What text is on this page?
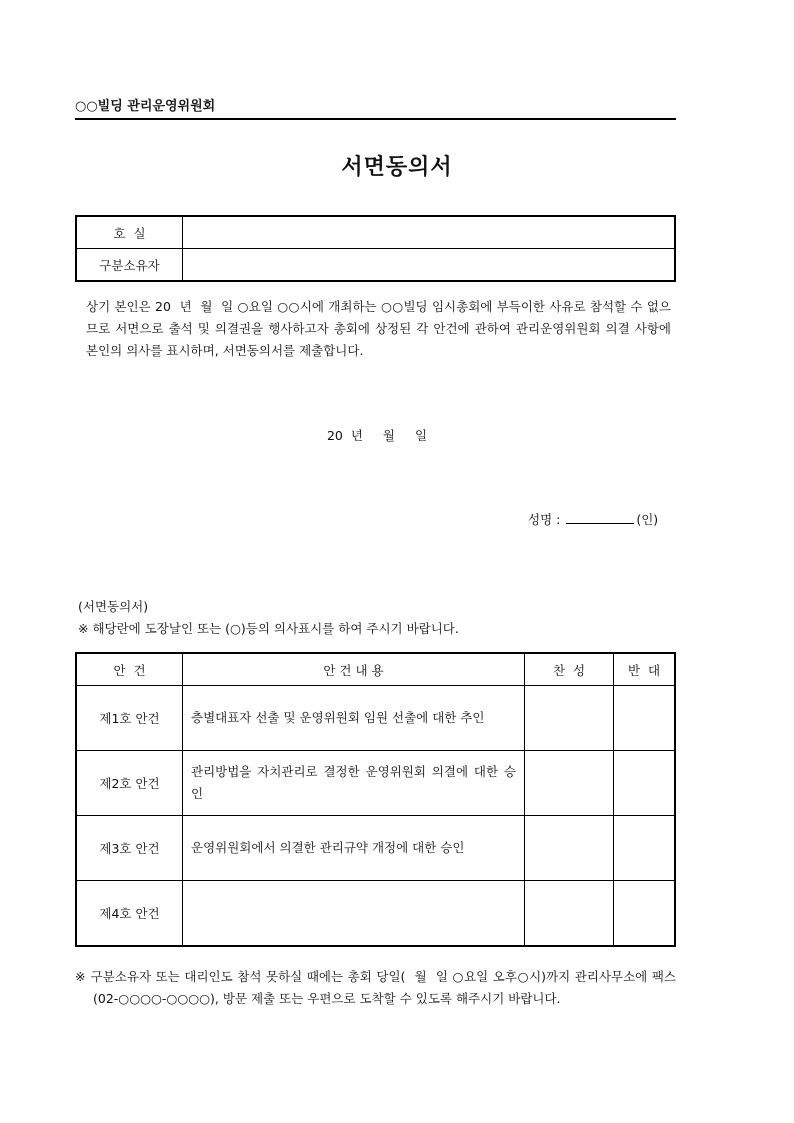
○○빌딩 관리운영위원회
서면동의서
호  실	
구분소유자	
상기 본인은 20  년  월  일 ○요일 ○○시에 개최하는 ○○빌딩 임시총회에 부득이한 사유로 참석할 수 없으므로 서면으로 출석 및 의결권을 행사하고자 총회에 상정된 각 안건에 관하여 관리운영위원회 의결 사항에 본인의 의사를 표시하며, 서면동의서를 제출합니다.
20  년 월 일
성명 :	(인)
(서면동의서)
※ 해당란에 도장날인 또는 (○)등의 의사표시를 하여 주시기 바랍니다.
안  건	안 건 내 용	찬  성	반  대
제1호 안건	층별대표자 선출 및 운영위원회 임원 선출에 대한 추인		
제2호 안건	관리방법을 자치관리로 결정한 운영위원회 의결에 대한 승인		
제3호 안건	운영위원회에서 의결한 관리규약 개정에 대한 승인		
제4호 안건			
※ 구분소유자 또는 대리인도 참석 못하실 때에는 총회 당일(  월  일 ○요일 오후○시)까지 관리사무소에 팩스(02-○○○○-○○○○), 방문 제출 또는 우편으로 도착할 수 있도록 해주시기 바랍니다.
